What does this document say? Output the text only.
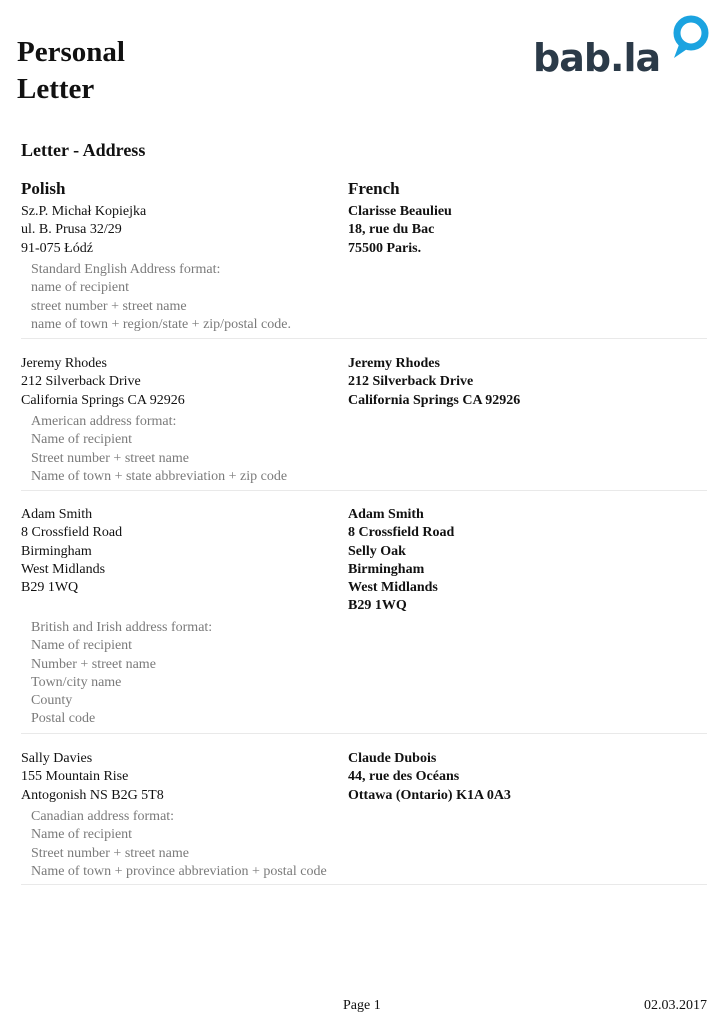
Personal
Letter
bab.la
Letter - Address
Polish	French
Sz.P. Michał Kopiejka
ul. B. Prusa 32/29
91-075 Łódź
Clarisse Beaulieu
18, rue du Bac
75500 Paris.
Standard English Address format:
name of recipient
street number + street name
name of town + region/state + zip/postal code.
Jeremy Rhodes
212 Silverback Drive
California Springs CA 92926
Jeremy Rhodes
212 Silverback Drive
California Springs CA 92926
American address format:
Name of recipient
Street number + street name
Name of town + state abbreviation + zip code
Adam Smith
8 Crossfield Road
Birmingham
West Midlands
B29 1WQ
Adam Smith
8 Crossfield Road
Selly Oak
Birmingham
West Midlands
B29 1WQ
British and Irish address format:
Name of recipient
Number + street name
Town/city name
County
Postal code
Sally Davies
155 Mountain Rise
Antogonish NS B2G 5T8
Claude Dubois
44, rue des Océans
Ottawa (Ontario) K1A 0A3
Canadian address format:
Name of recipient
Street number + street name
Name of town + province abbreviation + postal code
Page 1	02.03.2017
